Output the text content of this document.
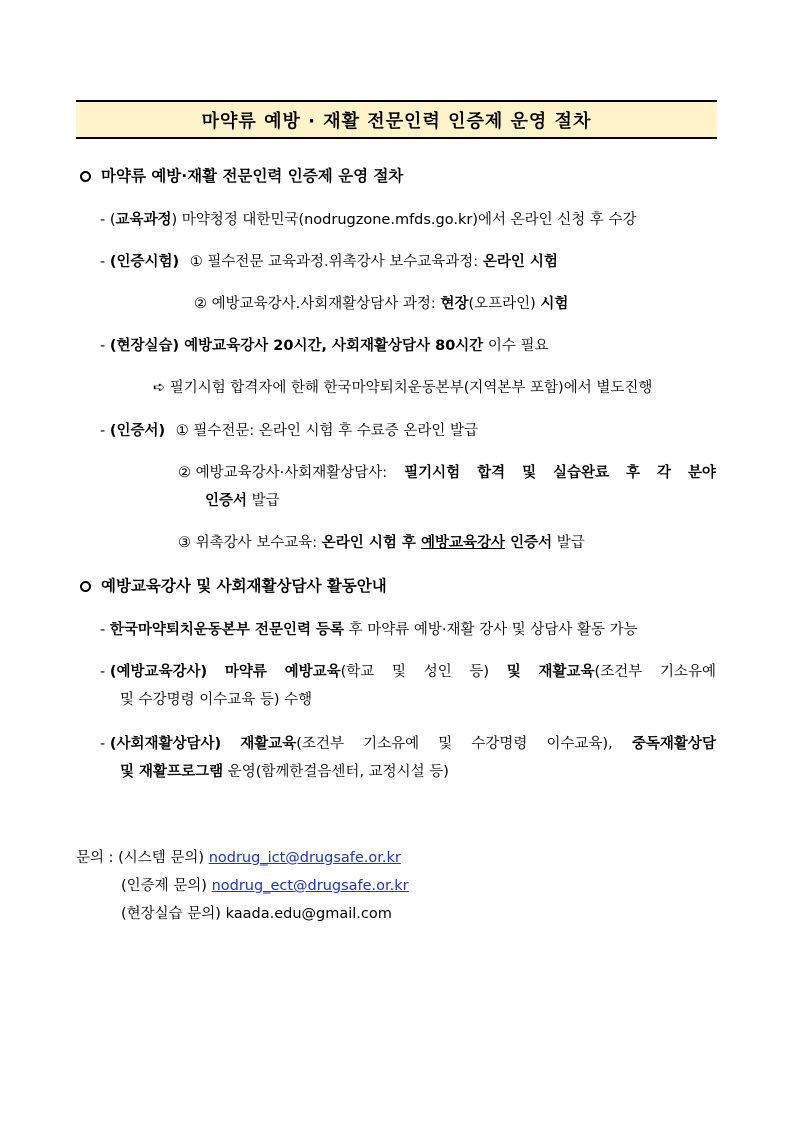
마약류 예방 · 재활 전문인력 인증제 운영 절차
마약류 예방·재활 전문인력 인증제 운영 절차
- (교육과정) 마약청정 대한민국(nodrugzone.mfds.go.kr)에서 온라인 신청 후 수강
- (인증시험) ① 필수전문 교육과정.위촉강사 보수교육과정: 온라인 시험
② 예방교육강사.사회재활상담사 과정: 현장(오프라인) 시험
- (현장실습) 예방교육강사 20시간, 사회재활상담사 80시간 이수 필요
➪ 필기시험 합격자에 한해 한국마약퇴치운동본부(지역본부 포함)에서 별도진행
- (인증서) ① 필수전문: 온라인 시험 후 수료증 온라인 발급
② 예방교육강사·사회재활상담사: 필기시험 합격 및 실습완료 후 각 분야
인증서 발급
③ 위촉강사 보수교육: 온라인 시험 후 예방교육강사 인증서 발급
예방교육강사 및 사회재활상담사 활동안내
- 한국마약퇴치운동본부 전문인력 등록 후 마약류 예방·재활 강사 및 상담사 활동 가능
- (예방교육강사) 마약류 예방교육(학교 및 성인 등) 및 재활교육(조건부 기소유예
및 수강명령 이수교육 등) 수행
- (사회재활상담사) 재활교육(조건부 기소유예 및 수강명령 이수교육), 중독재활상담
및 재활프로그램 운영(함께한걸음센터, 교정시설 등)
문의 : (시스템 문의) nodrug_ict@drugsafe.or.kr
(인증제 문의) nodrug_ect@drugsafe.or.kr
(현장실습 문의) kaada.edu@gmail.com
